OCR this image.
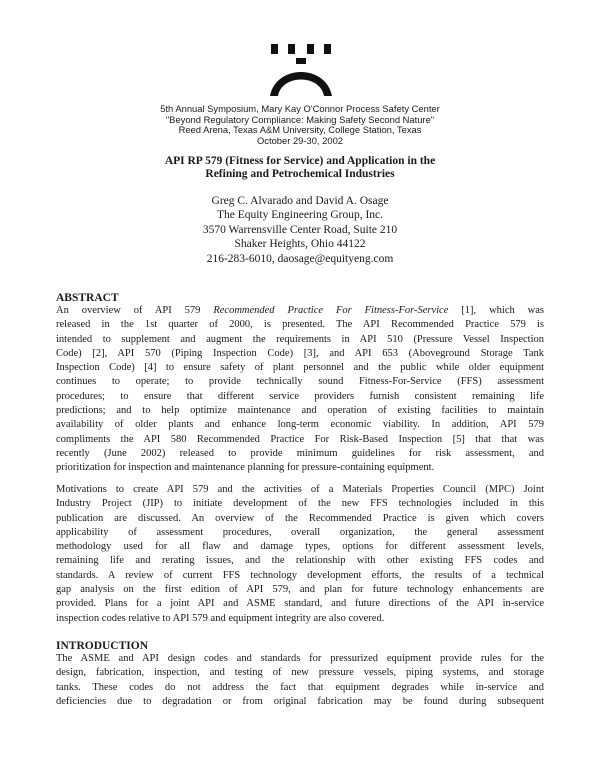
5th Annual Symposium, Mary Kay O'Connor Process Safety Center
"Beyond Regulatory Compliance: Making Safety Second Nature"
Reed Arena, Texas A&M University, College Station, Texas
October 29-30, 2002
API RP 579 (Fitness for Service) and Application in the
Refining and Petrochemical Industries
Greg C. Alvarado and David A. Osage
The Equity Engineering Group, Inc.
3570 Warrensville Center Road, Suite 210
Shaker Heights, Ohio 44122
216-283-6010, daosage@equityeng.com
ABSTRACT
An overview of API 579 Recommended Practice For Fitness-For-Service [1], which was
released in the 1st quarter of 2000, is presented. The API Recommended Practice 579 is
intended to supplement and augment the requirements in API 510 (Pressure Vessel Inspection
Code) [2], API 570 (Piping Inspection Code) [3], and API 653 (Aboveground Storage Tank
Inspection Code) [4] to ensure safety of plant personnel and the public while older equipment
continues to operate; to provide technically sound Fitness-For-Service (FFS) assessment
procedures; to ensure that different service providers furnish consistent remaining life
predictions; and to help optimize maintenance and operation of existing facilities to maintain
availability of older plants and enhance long-term economic viability. In addition, API 579
compliments the API 580 Recommended Practice For Risk-Based Inspection [5] that that was
recently (June 2002) released to provide minimum guidelines for risk assessment, and
prioritization for inspection and maintenance planning for pressure-containing equipment.
Motivations to create API 579 and the activities of a Materials Properties Council (MPC) Joint
Industry Project (JIP) to initiate development of the new FFS technologies included in this
publication are discussed. An overview of the Recommended Practice is given which covers
applicability of assessment procedures, overall organization, the general assessment
methodology used for all flaw and damage types, options for different assessment levels,
remaining life and rerating issues, and the relationship with other existing FFS codes and
standards. A review of current FFS technology development efforts, the results of a technical
gap analysis on the first edition of API 579, and plan for future technology enhancements are
provided. Plans for a joint API and ASME standard, and future directions of the API in-service
inspection codes relative to API 579 and equipment integrity are also covered.
INTRODUCTION
The ASME and API design codes and standards for pressurized equipment provide rules for the
design, fabrication, inspection, and testing of new pressure vessels, piping systems, and storage
tanks. These codes do not address the fact that equipment degrades while in-service and
deficiencies due to degradation or from original fabrication may be found during subsequent
